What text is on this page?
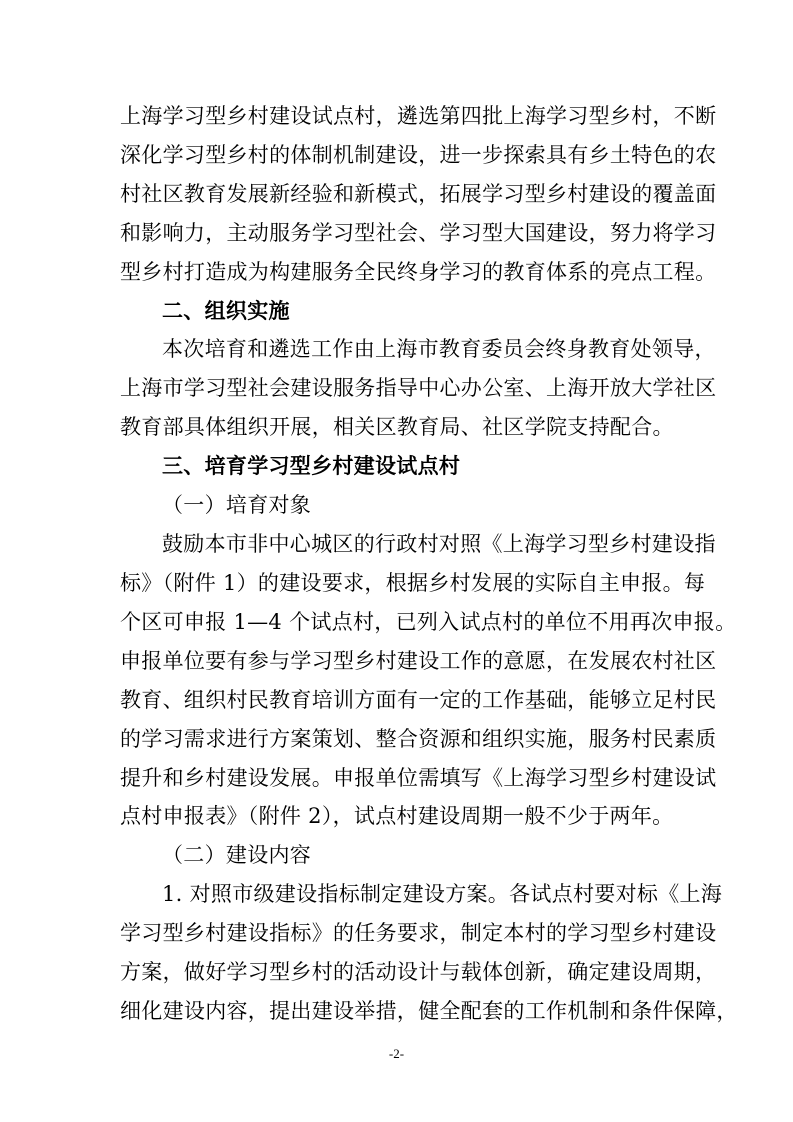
上海学习型乡村建设试点村，遴选第四批上海学习型乡村，不断
深化学习型乡村的体制机制建设，进一步探索具有乡土特色的农
村社区教育发展新经验和新模式，拓展学习型乡村建设的覆盖面
和影响力，主动服务学习型社会、学习型大国建设，努力将学习
型乡村打造成为构建服务全民终身学习的教育体系的亮点工程。
二、组织实施
本次培育和遴选工作由上海市教育委员会终身教育处领导，
上海市学习型社会建设服务指导中心办公室、上海开放大学社区
教育部具体组织开展，相关区教育局、社区学院支持配合。
三、培育学习型乡村建设试点村
（一）培育对象
鼓励本市非中心城区的行政村对照《上海学习型乡村建设指
标》（附件 1）的建设要求，根据乡村发展的实际自主申报。每
个区可申报 1—4 个试点村，已列入试点村的单位不用再次申报。
申报单位要有参与学习型乡村建设工作的意愿，在发展农村社区
教育、组织村民教育培训方面有一定的工作基础，能够立足村民
的学习需求进行方案策划、整合资源和组织实施，服务村民素质
提升和乡村建设发展。申报单位需填写《上海学习型乡村建设试
点村申报表》（附件 2），试点村建设周期一般不少于两年。
（二）建设内容
1. 对照市级建设指标制定建设方案。各试点村要对标《上海
学习型乡村建设指标》的任务要求，制定本村的学习型乡村建设
方案，做好学习型乡村的活动设计与载体创新，确定建设周期，
细化建设内容，提出建设举措，健全配套的工作机制和条件保障，
-2-
